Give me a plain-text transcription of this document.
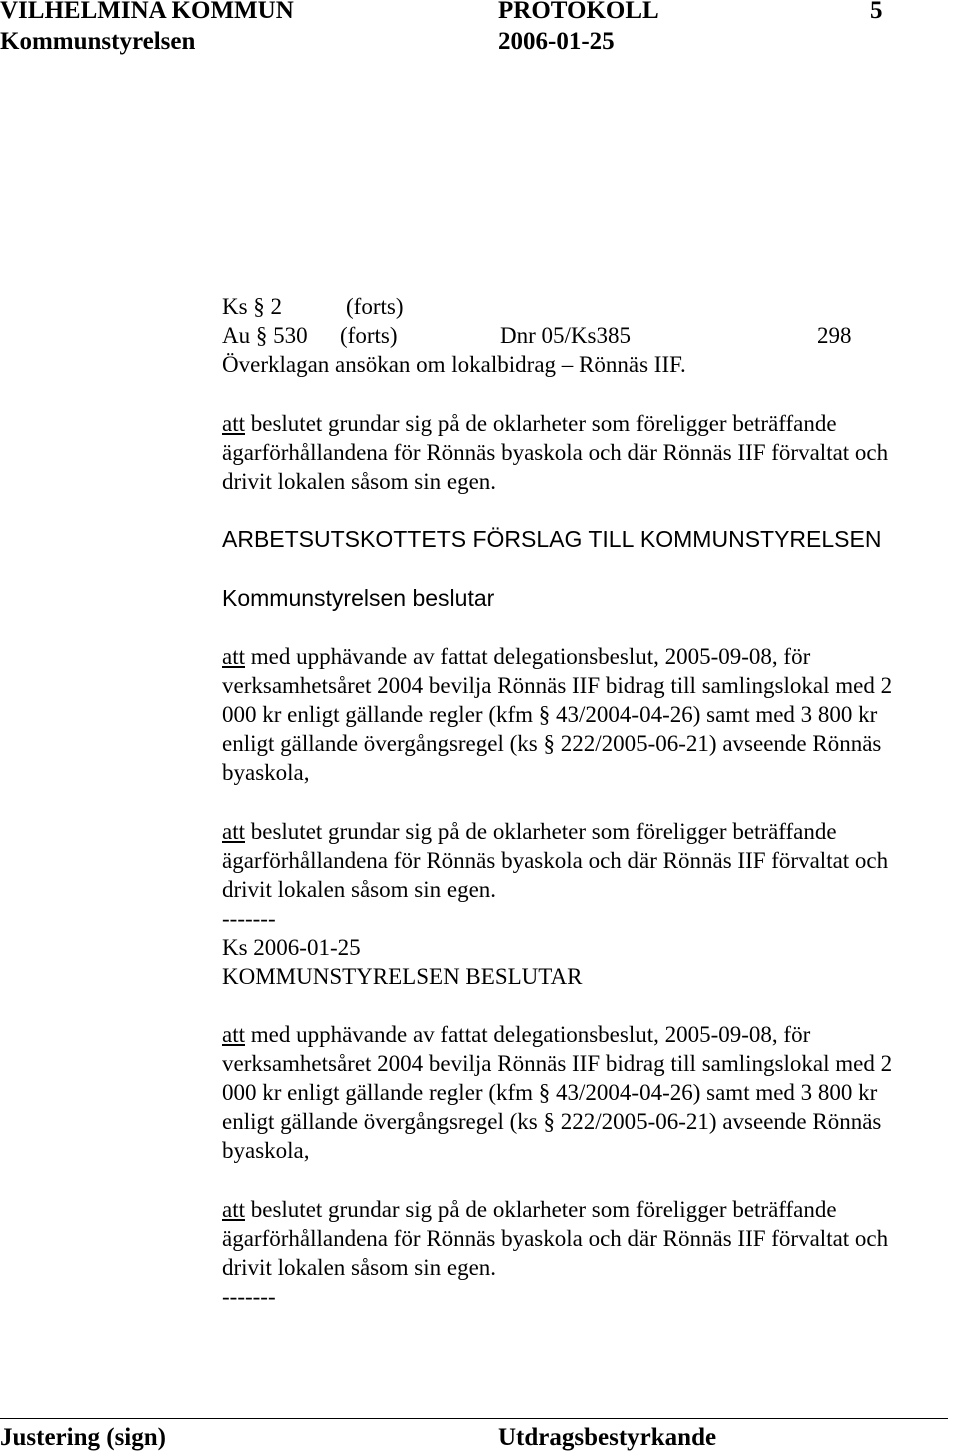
VILHELMINA KOMMUN	PROTOKOLL	5
Kommunstyrelsen	2006-01-25
Ks § 2	(forts)
Au § 530 (forts)	Dnr 05/Ks385	298
Överklagan ansökan om lokalbidrag – Rönnäs IIF.
att beslutet grundar sig på de oklarheter som föreligger beträffande
ägarförhållandena för Rönnäs byaskola och där Rönnäs IIF förvaltat och
drivit lokalen såsom sin egen.
ARBETSUTSKOTTETS FÖRSLAG TILL KOMMUNSTYRELSEN
Kommunstyrelsen beslutar
att med upphävande av fattat delegationsbeslut, 2005-09-08, för
verksamhetsåret 2004 bevilja Rönnäs IIF bidrag till samlingslokal med 2
000 kr enligt gällande regler (kfm § 43/2004-04-26) samt med 3 800 kr
enligt gällande övergångsregel (ks § 222/2005-06-21) avseende Rönnäs
byaskola,
att beslutet grundar sig på de oklarheter som föreligger beträffande
ägarförhållandena för Rönnäs byaskola och där Rönnäs IIF förvaltat och
drivit lokalen såsom sin egen.
-------
Ks 2006-01-25
KOMMUNSTYRELSEN BESLUTAR
att med upphävande av fattat delegationsbeslut, 2005-09-08, för
verksamhetsåret 2004 bevilja Rönnäs IIF bidrag till samlingslokal med 2
000 kr enligt gällande regler (kfm § 43/2004-04-26) samt med 3 800 kr
enligt gällande övergångsregel (ks § 222/2005-06-21) avseende Rönnäs
byaskola,
att beslutet grundar sig på de oklarheter som föreligger beträffande
ägarförhållandena för Rönnäs byaskola och där Rönnäs IIF förvaltat och
drivit lokalen såsom sin egen.
-------
Justering (sign)	Utdragsbestyrkande
